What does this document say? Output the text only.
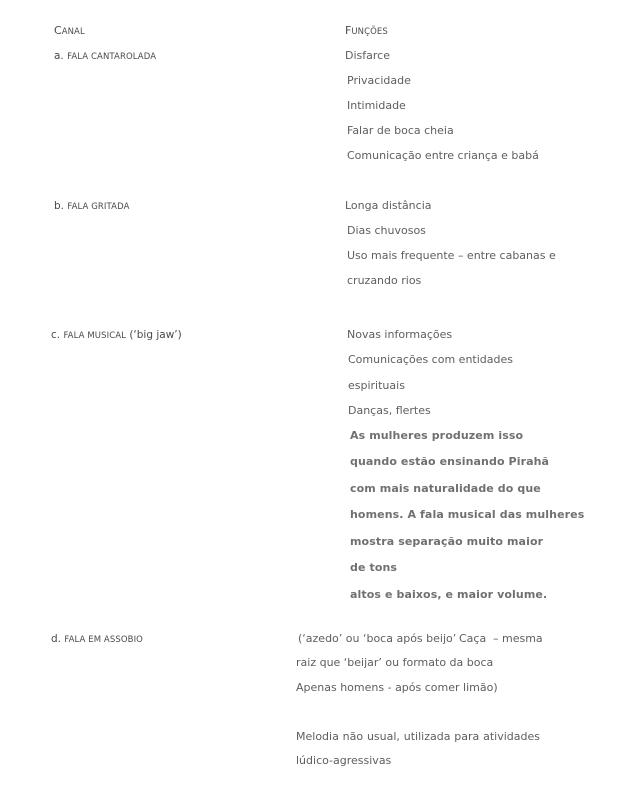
CANAL	FUNÇÕES
a. FALA CANTAROLADA	Disfarce
Privacidade
Intimidade
Falar de boca cheia
Comunicação entre criança e babá
b. FALA GRITADA	Longa distância
Dias chuvosos
Uso mais frequente – entre cabanas e
cruzando rios
c. FALA MUSICAL (‘big jaw’)	Novas informações
Comunicações com entidades
espirituais
Danças, flertes
As mulheres produzem isso
quando estão ensinando Pirahã
com mais naturalidade do que
homens. A fala musical das mulheres
mostra separação muito maior
de tons
altos e baixos, e maior volume.
d. FALA EM ASSOBIO	(‘azedo’ ou ‘boca após beijo’ Caça – mesma
raiz que ‘beijar’ ou formato da boca
Apenas homens - após comer limão)
Melodia não usual, utilizada para atividades
lúdico-agressivas
